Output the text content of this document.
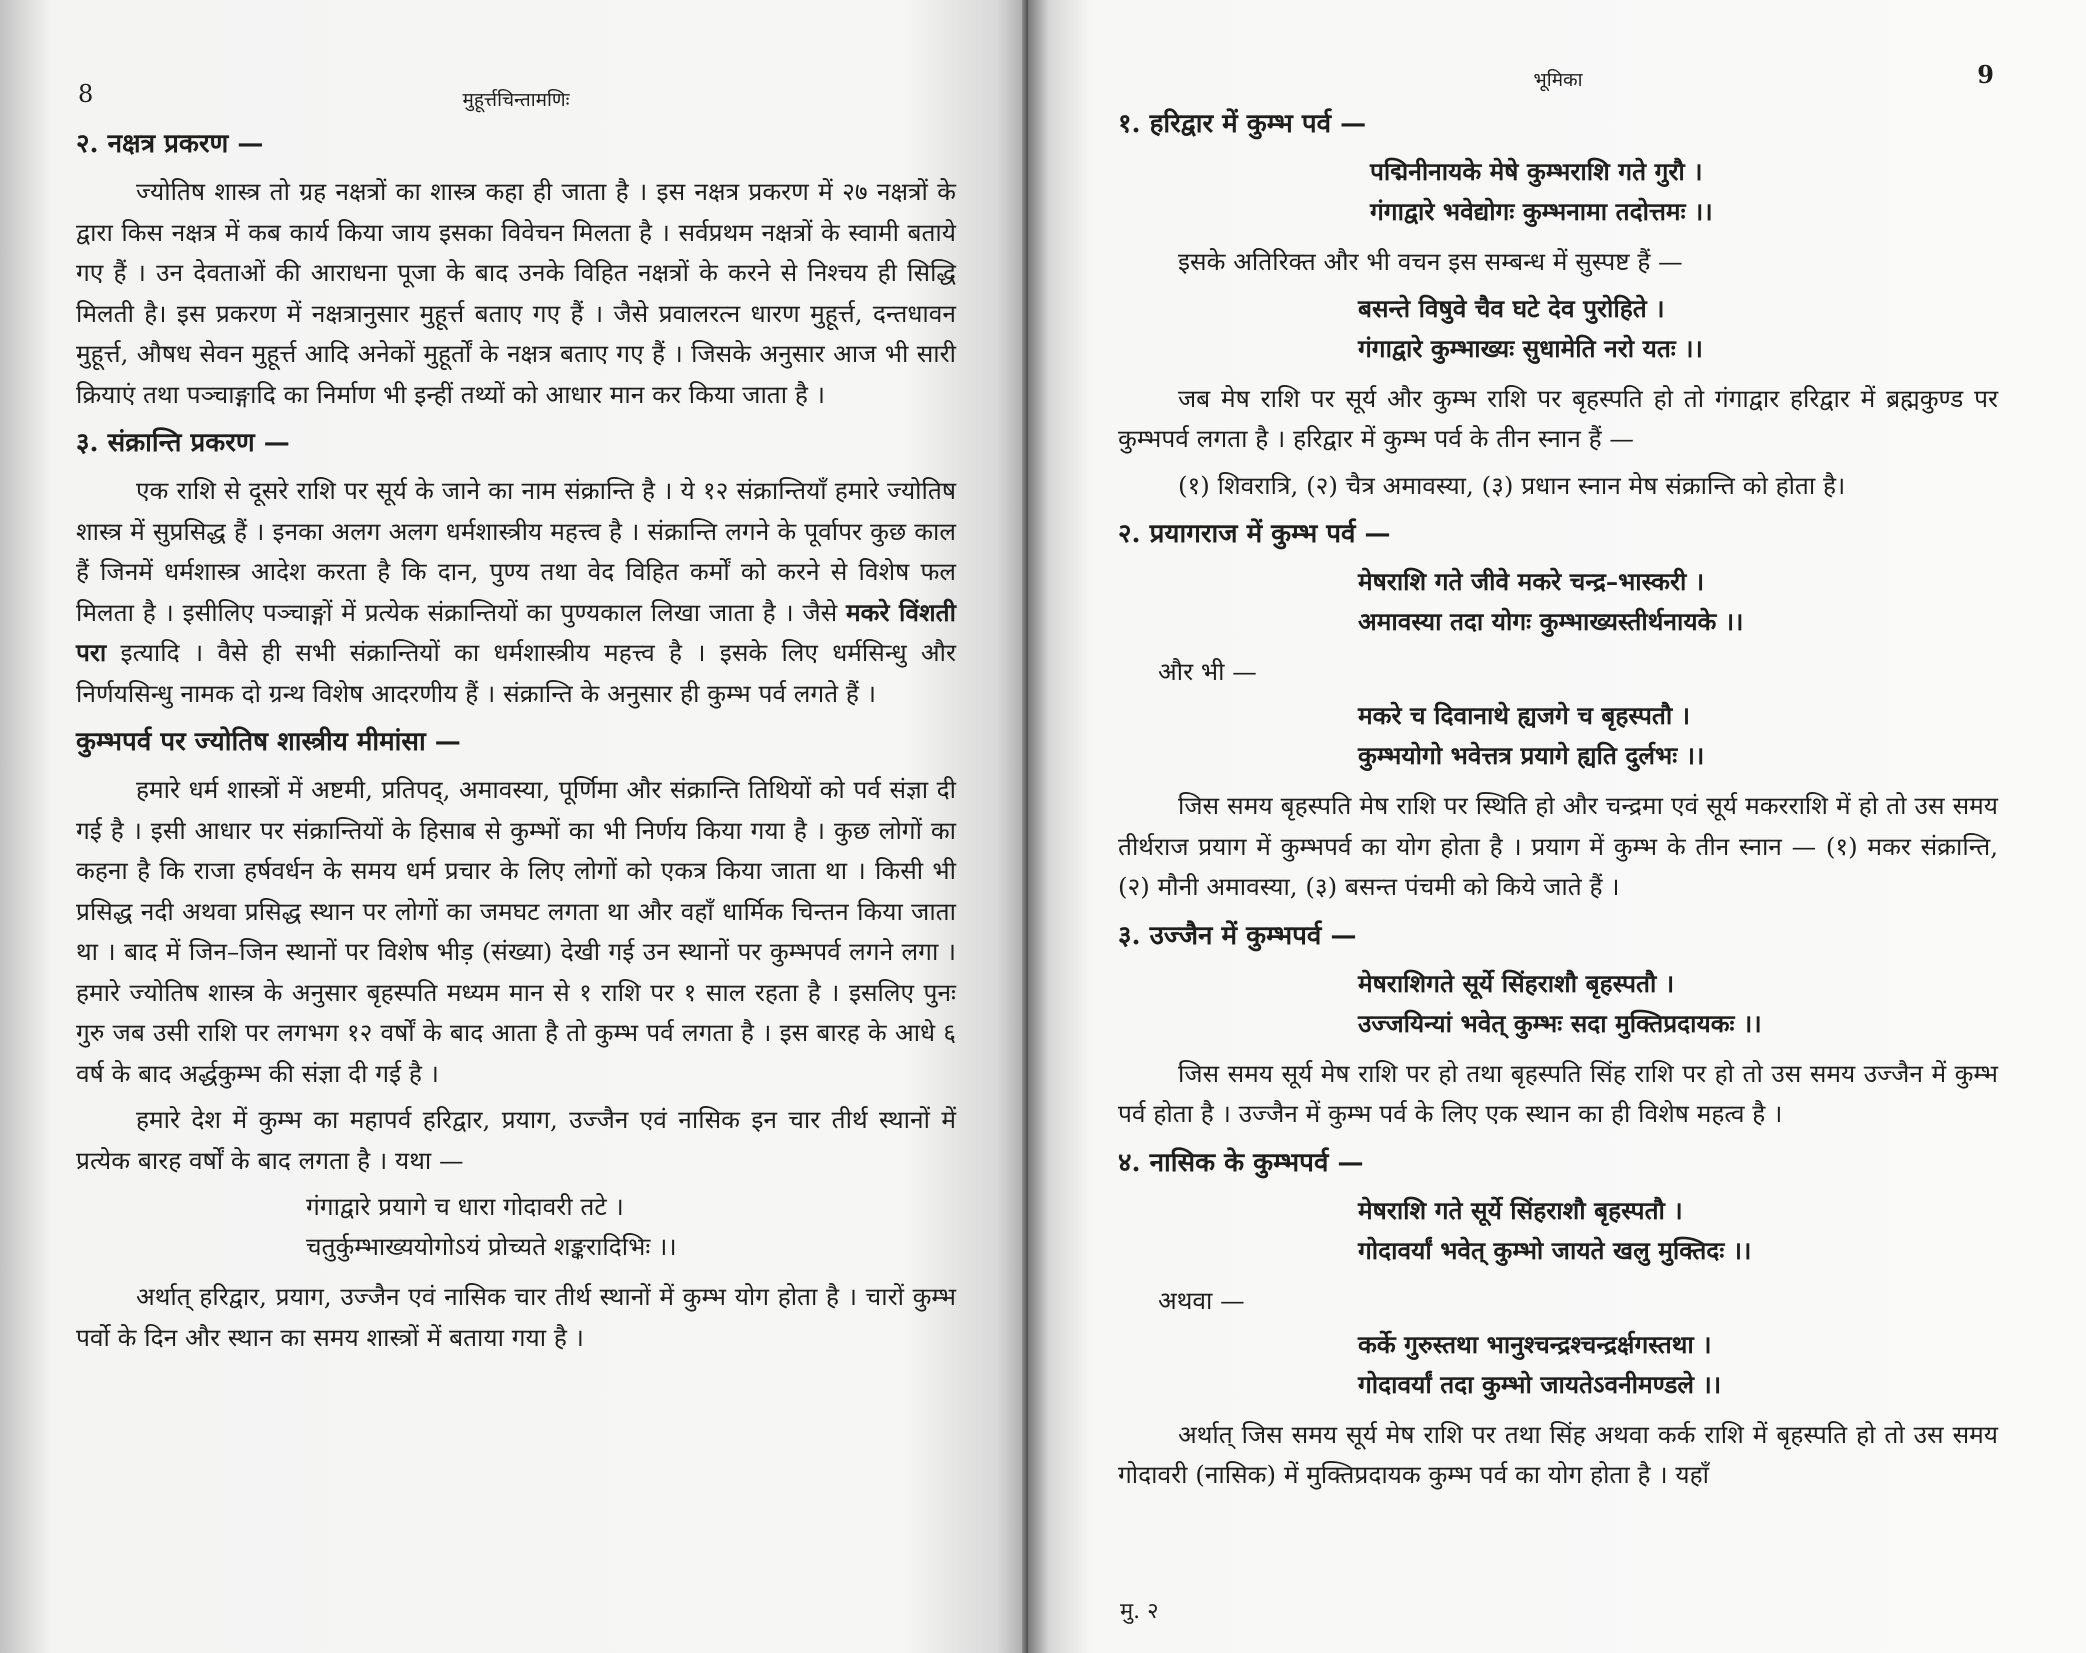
8	मुहूर्त्तचिन्तामणिः
२. नक्षत्र प्रकरण —

ज्योतिष शास्त्र तो ग्रह नक्षत्रों का शास्त्र कहा ही जाता है । इस नक्षत्र प्रकरण में २७ नक्षत्रों के द्वारा किस नक्षत्र में कब कार्य किया जाय इसका विवेचन मिलता है । सर्वप्रथम नक्षत्रों के स्वामी बताये गए हैं । उन देवताओं की आराधना पूजा के बाद उनके विहित नक्षत्रों के करने से निश्चय ही सिद्धि मिलती है। इस प्रकरण में नक्षत्रानुसार मुहूर्त्त बताए गए हैं । जैसे प्रवालरत्न धारण मुहूर्त्त, दन्तधावन मुहूर्त्त, औषध सेवन मुहूर्त्त आदि अनेकों मुहूर्तों के नक्षत्र बताए गए हैं । जिसके अनुसार आज भी सारी क्रियाएं तथा पञ्चाङ्गादि का निर्माण भी इन्हीं तथ्यों को आधार मान कर किया जाता है ।

३. संक्रान्ति प्रकरण —

एक राशि से दूसरे राशि पर सूर्य के जाने का नाम संक्रान्ति है । ये १२ संक्रान्तियाँ हमारे ज्योतिष शास्त्र में सुप्रसिद्ध हैं । इनका अलग अलग धर्मशास्त्रीय महत्त्व है । संक्रान्ति लगने के पूर्वापर कुछ काल हैं जिनमें धर्मशास्त्र आदेश करता है कि दान, पुण्य तथा वेद विहित कर्मों को करने से विशेष फल मिलता है । इसीलिए पञ्चाङ्गों में प्रत्येक संक्रान्तियों का पुण्यकाल लिखा जाता है । जैसे मकरे विंशती परा इत्यादि । वैसे ही सभी संक्रान्तियों का धर्मशास्त्रीय महत्त्व है । इसके लिए धर्मसिन्धु और निर्णयसिन्धु नामक दो ग्रन्थ विशेष आदरणीय हैं । संक्रान्ति के अनुसार ही कुम्भ पर्व लगते हैं ।

कुम्भपर्व पर ज्योतिष शास्त्रीय मीमांसा —

हमारे धर्म शास्त्रों में अष्टमी, प्रतिपद्, अमावस्या, पूर्णिमा और संक्रान्ति तिथियों को पर्व संज्ञा दी गई है । इसी आधार पर संक्रान्तियों के हिसाब से कुम्भों का भी निर्णय किया गया है । कुछ लोगों का कहना है कि राजा हर्षवर्धन के समय धर्म प्रचार के लिए लोगों को एकत्र किया जाता था । किसी भी प्रसिद्ध नदी अथवा प्रसिद्ध स्थान पर लोगों का जमघट लगता था और वहाँ धार्मिक चिन्तन किया जाता था । बाद में जिन–जिन स्थानों पर विशेष भीड़ (संख्या) देखी गई उन स्थानों पर कुम्भपर्व लगने लगा । हमारे ज्योतिष शास्त्र के अनुसार बृहस्पति मध्यम मान से १ राशि पर १ साल रहता है । इसलिए पुनः गुरु जब उसी राशि पर लगभग १२ वर्षों के बाद आता है तो कुम्भ पर्व लगता है । इस बारह के आधे ६ वर्ष के बाद अर्द्धकुम्भ की संज्ञा दी गई है ।

हमारे देश में कुम्भ का महापर्व हरिद्वार, प्रयाग, उज्जैन एवं नासिक इन चार तीर्थ स्थानों में प्रत्येक बारह वर्षों के बाद लगता है । यथा —

गंगाद्वारे प्रयागे च धारा गोदावरी तटे ।
चतुर्कुम्भाख्ययोगोऽयं प्रोच्यते शङ्करादिभिः ।।

अर्थात् हरिद्वार, प्रयाग, उज्जैन एवं नासिक चार तीर्थ स्थानों में कुम्भ योग होता है । चारों कुम्भ पर्वो के दिन और स्थान का समय शास्त्रों में बताया गया है ।

भूमिका	9
१. हरिद्वार में कुम्भ पर्व —
पद्मिनीनायके मेषे कुम्भराशि गते गुरौ ।
गंगाद्वारे भवेद्योगः कुम्भनामा तदोत्तमः ।।

इसके अतिरिक्त और भी वचन इस सम्बन्ध में सुस्पष्ट हैं —

बसन्ते विषुवे चैव घटे देव पुरोहिते ।
गंगाद्वारे कुम्भाख्यः सुधामेति नरो यतः ।।

जब मेष राशि पर सूर्य और कुम्भ राशि पर बृहस्पति हो तो गंगाद्वार हरिद्वार में ब्रह्मकुण्ड पर कुम्भपर्व लगता है । हरिद्वार में कुम्भ पर्व के तीन स्नान हैं —

(१) शिवरात्रि, (२) चैत्र अमावस्या, (३) प्रधान स्नान मेष संक्रान्ति को होता है।

२. प्रयागराज में कुम्भ पर्व —
मेषराशि गते जीवे मकरे चन्द्र–भास्करी ।
अमावस्या तदा योगः कुम्भाख्यस्तीर्थनायके ।।
और भी —
मकरे च दिवानाथे ह्यजगे च बृहस्पतौ ।
कुम्भयोगो भवेत्तत्र प्रयागे ह्यति दुर्लभः ।।

जिस समय बृहस्पति मेष राशि पर स्थिति हो और चन्द्रमा एवं सूर्य मकरराशि में हो तो उस समय तीर्थराज प्रयाग में कुम्भपर्व का योग होता है । प्रयाग में कुम्भ के तीन स्नान — (१) मकर संक्रान्ति, (२) मौनी अमावस्या, (३) बसन्त पंचमी को किये जाते हैं ।

३. उज्जैन में कुम्भपर्व —
मेषराशिगते सूर्ये सिंहराशौ बृहस्पतौ ।
उज्जयिन्यां भवेत् कुम्भः सदा मुक्तिप्रदायकः ।।

जिस समय सूर्य मेष राशि पर हो तथा बृहस्पति सिंह राशि पर हो तो उस समय उज्जैन में कुम्भ पर्व होता है । उज्जैन में कुम्भ पर्व के लिए एक स्थान का ही विशेष महत्व है ।

४. नासिक के कुम्भपर्व —
मेषराशि गते सूर्ये सिंहराशौ बृहस्पतौ ।
गोदावर्यां भवेत् कुम्भो जायते खलु मुक्तिदः ।।
अथवा —
कर्के गुरुस्तथा भानुश्चन्द्रश्चन्द्रर्क्षगस्तथा ।
गोदावर्यां तदा कुम्भो जायतेऽवनीमण्डले ।।

अर्थात् जिस समय सूर्य मेष राशि पर तथा सिंह अथवा कर्क राशि में बृहस्पति हो तो उस समय गोदावरी (नासिक) में मुक्तिप्रदायक कुम्भ पर्व का योग होता है । यहाँ

मु. २
